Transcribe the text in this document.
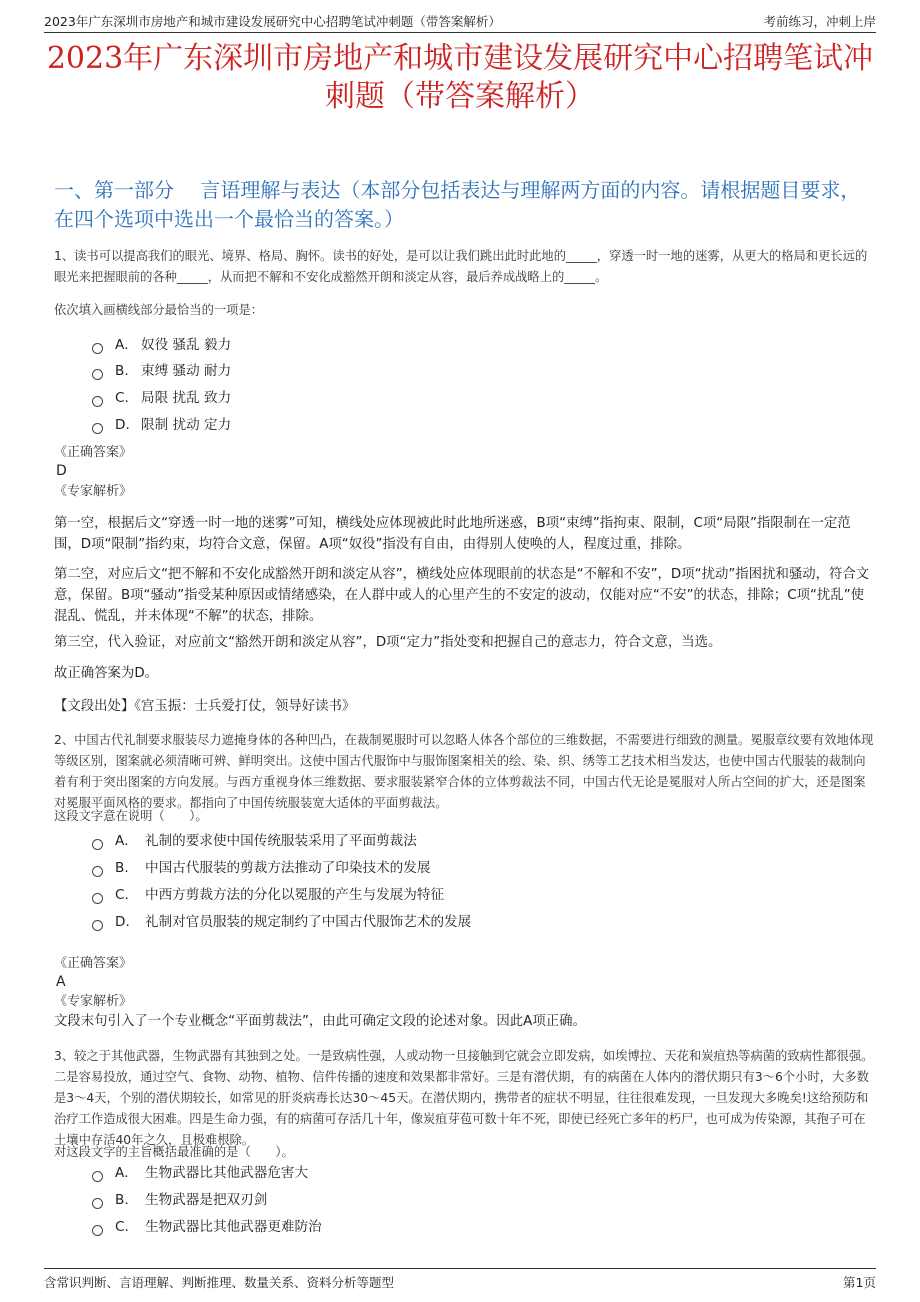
2023年广东深圳市房地产和城市建设发展研究中心招聘笔试冲刺题（带答案解析）	考前练习，冲刺上岸
2023年广东深圳市房地产和城市建设发展研究中心招聘笔试冲刺题（带答案解析）
一、第一部分　 言语理解与表达（本部分包括表达与理解两方面的内容。请根据题目要求，在四个选项中选出一个最恰当的答案。）

1、读书可以提高我们的眼光、境界、格局、胸怀。读书的好处，是可以让我们跳出此时此地的_____，穿透一时一地的迷雾，从更大的格局和更长远的眼光来把握眼前的各种_____，从而把不解和不安化成豁然开朗和淡定从容，最后养成战略上的_____。

依次填入画横线部分最恰当的一项是：

A． 奴役 骚乱 毅力
B. 束缚 骚动 耐力
C. 局限 扰乱 致力
D． 限制 扰动 定力
《正确答案》
D
《专家解析》

第一空，根据后文“穿透一时一地的迷雾”可知，横线处应体现被此时此地所迷惑，B项“束缚”指拘束、限制，C项“局限”指限制在一定范围，D项“限制”指约束，均符合文意，保留。A项“奴役”指没有自由，由得别人使唤的人，程度过重，排除。

第二空，对应后文“把不解和不安化成豁然开朗和淡定从容”，横线处应体现眼前的状态是“不解和不安”，D项“扰动”指困扰和骚动，符合文意，保留。B项“骚动”指受某种原因或情绪感染，在人群中或人的心里产生的不安定的波动，仅能对应“不安”的状态，排除；C项“扰乱”使混乱、慌乱，并未体现“不解”的状态，排除。

第三空，代入验证，对应前文“豁然开朗和淡定从容”，D项“定力”指处变和把握自己的意志力，符合文意，当选。

故正确答案为D。

【文段出处】《宫玉振：士兵爱打仗，领导好读书》

2、中国古代礼制要求服装尽力遮掩身体的各种凹凸，在裁制冕服时可以忽略人体各个部位的三维数据，不需要进行细致的测量。冕服章纹要有效地体现等级区别，图案就必须清晰可辨、鲜明突出。这使中国古代服饰中与服饰图案相关的绘、染、织、绣等工艺技术相当发达，也使中国古代服装的裁制向着有利于突出图案的方向发展。与西方重视身体三维数据、要求服装紧窄合体的立体剪裁法不同，中国古代无论是冕服对人所占空间的扩大，还是图案对冕服平面风格的要求。都指向了中国传统服装宽大适体的平面剪裁法。

这段文字意在说明（　　）。

A． 礼制的要求使中国传统服装采用了平面剪裁法
B.	中国古代服装的剪裁方法推动了印染技术的发展
C.	中西方剪裁方法的分化以冕服的产生与发展为特征
D． 礼制对官员服装的规定制约了中国古代服饰艺术的发展
《正确答案》
A
《专家解析》

文段末句引入了一个专业概念“平面剪裁法”，由此可确定文段的论述对象。因此A项正确。

3、较之于其他武器，生物武器有其独到之处。一是致病性强，人或动物一旦接触到它就会立即发病，如埃博拉、天花和炭疽热等病菌的致病性都很强。二是容易投放，通过空气、食物、动物、植物、信件传播的速度和效果都非常好。三是有潜伏期，有的病菌在人体内的潜伏期只有3～6个小时，大多数是3～4天，个别的潜伏期较长，如常见的肝炎病毒长达30～45天。在潜伏期内，携带者的症状不明显，往往很难发现，一旦发现大多晚矣!这给预防和治疗工作造成很大困难。四是生命力强，有的病菌可存活几十年，像炭疽芽苞可数十年不死，即使已经死亡多年的朽尸，也可成为传染源，其孢子可在土壤中存活40年之久，且极难根除。

对这段文字的主旨概括最准确的是（　　）。

A． 生物武器比其他武器危害大
B.	生物武器是把双刃剑
C.	生物武器比其他武器更难防治
含常识判断、言语理解、判断推理、数量关系、资料分析等题型	第1页
